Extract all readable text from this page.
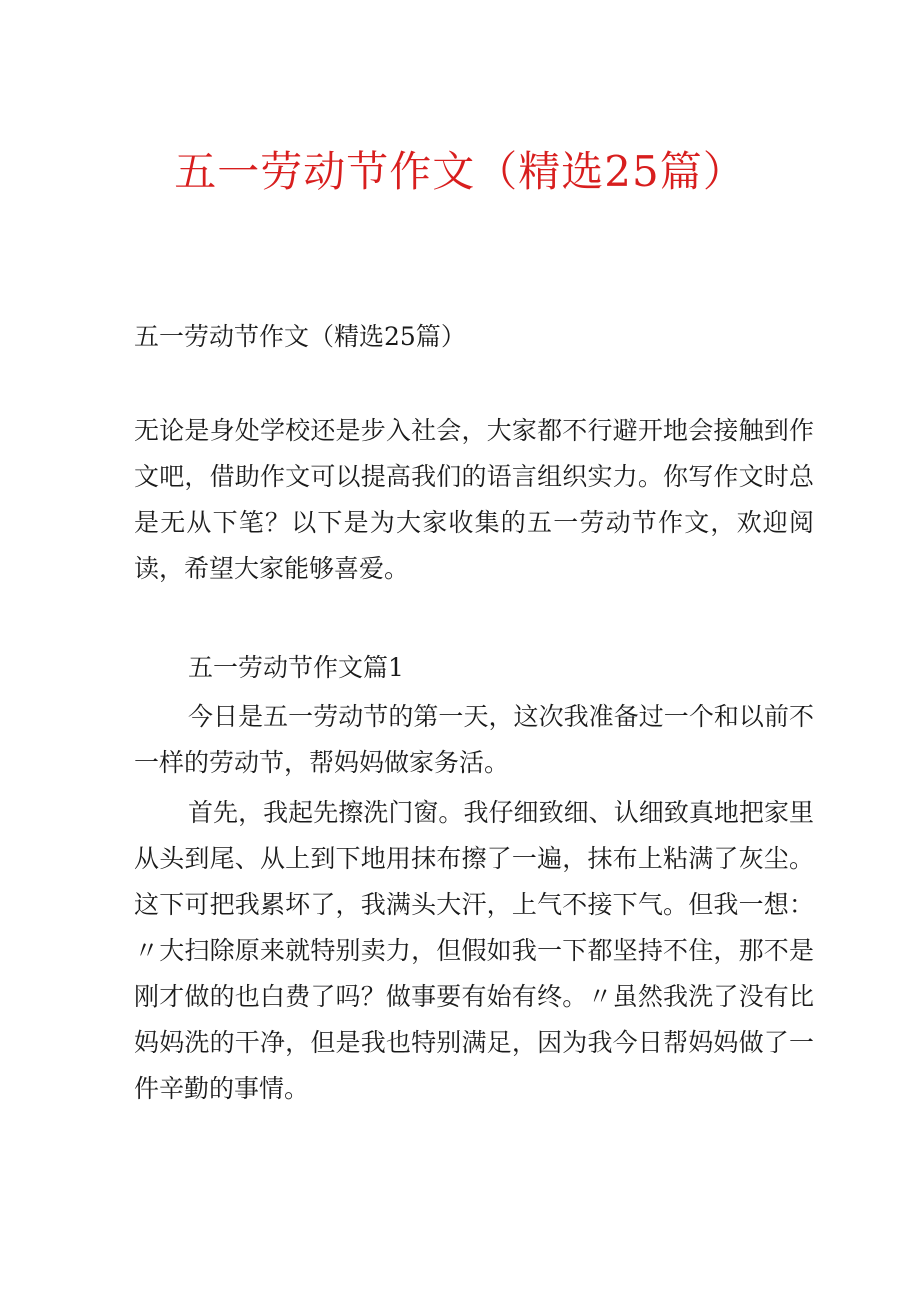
五一劳动节作文（精选25篇）

五一劳动节作文（精选25篇）

无论是身处学校还是步入社会，大家都不行避开地会接触到作文吧，借助作文可以提高我们的语言组织实力。你写作文时总是无从下笔？以下是为大家收集的五一劳动节作文，欢迎阅读，希望大家能够喜爱。

五一劳动节作文篇1

今日是五一劳动节的第一天，这次我准备过一个和以前不一样的劳动节，帮妈妈做家务活。

首先，我起先擦洗门窗。我仔细致细、认细致真地把家里从头到尾、从上到下地用抹布擦了一遍，抹布上粘满了灰尘。这下可把我累坏了，我满头大汗，上气不接下气。但我一想：〃大扫除原来就特别卖力，但假如我一下都坚持不住，那不是刚才做的也白费了吗？做事要有始有终。〃虽然我洗了没有比妈妈洗的干净，但是我也特别满足，因为我今日帮妈妈做了一件辛勤的事情。
